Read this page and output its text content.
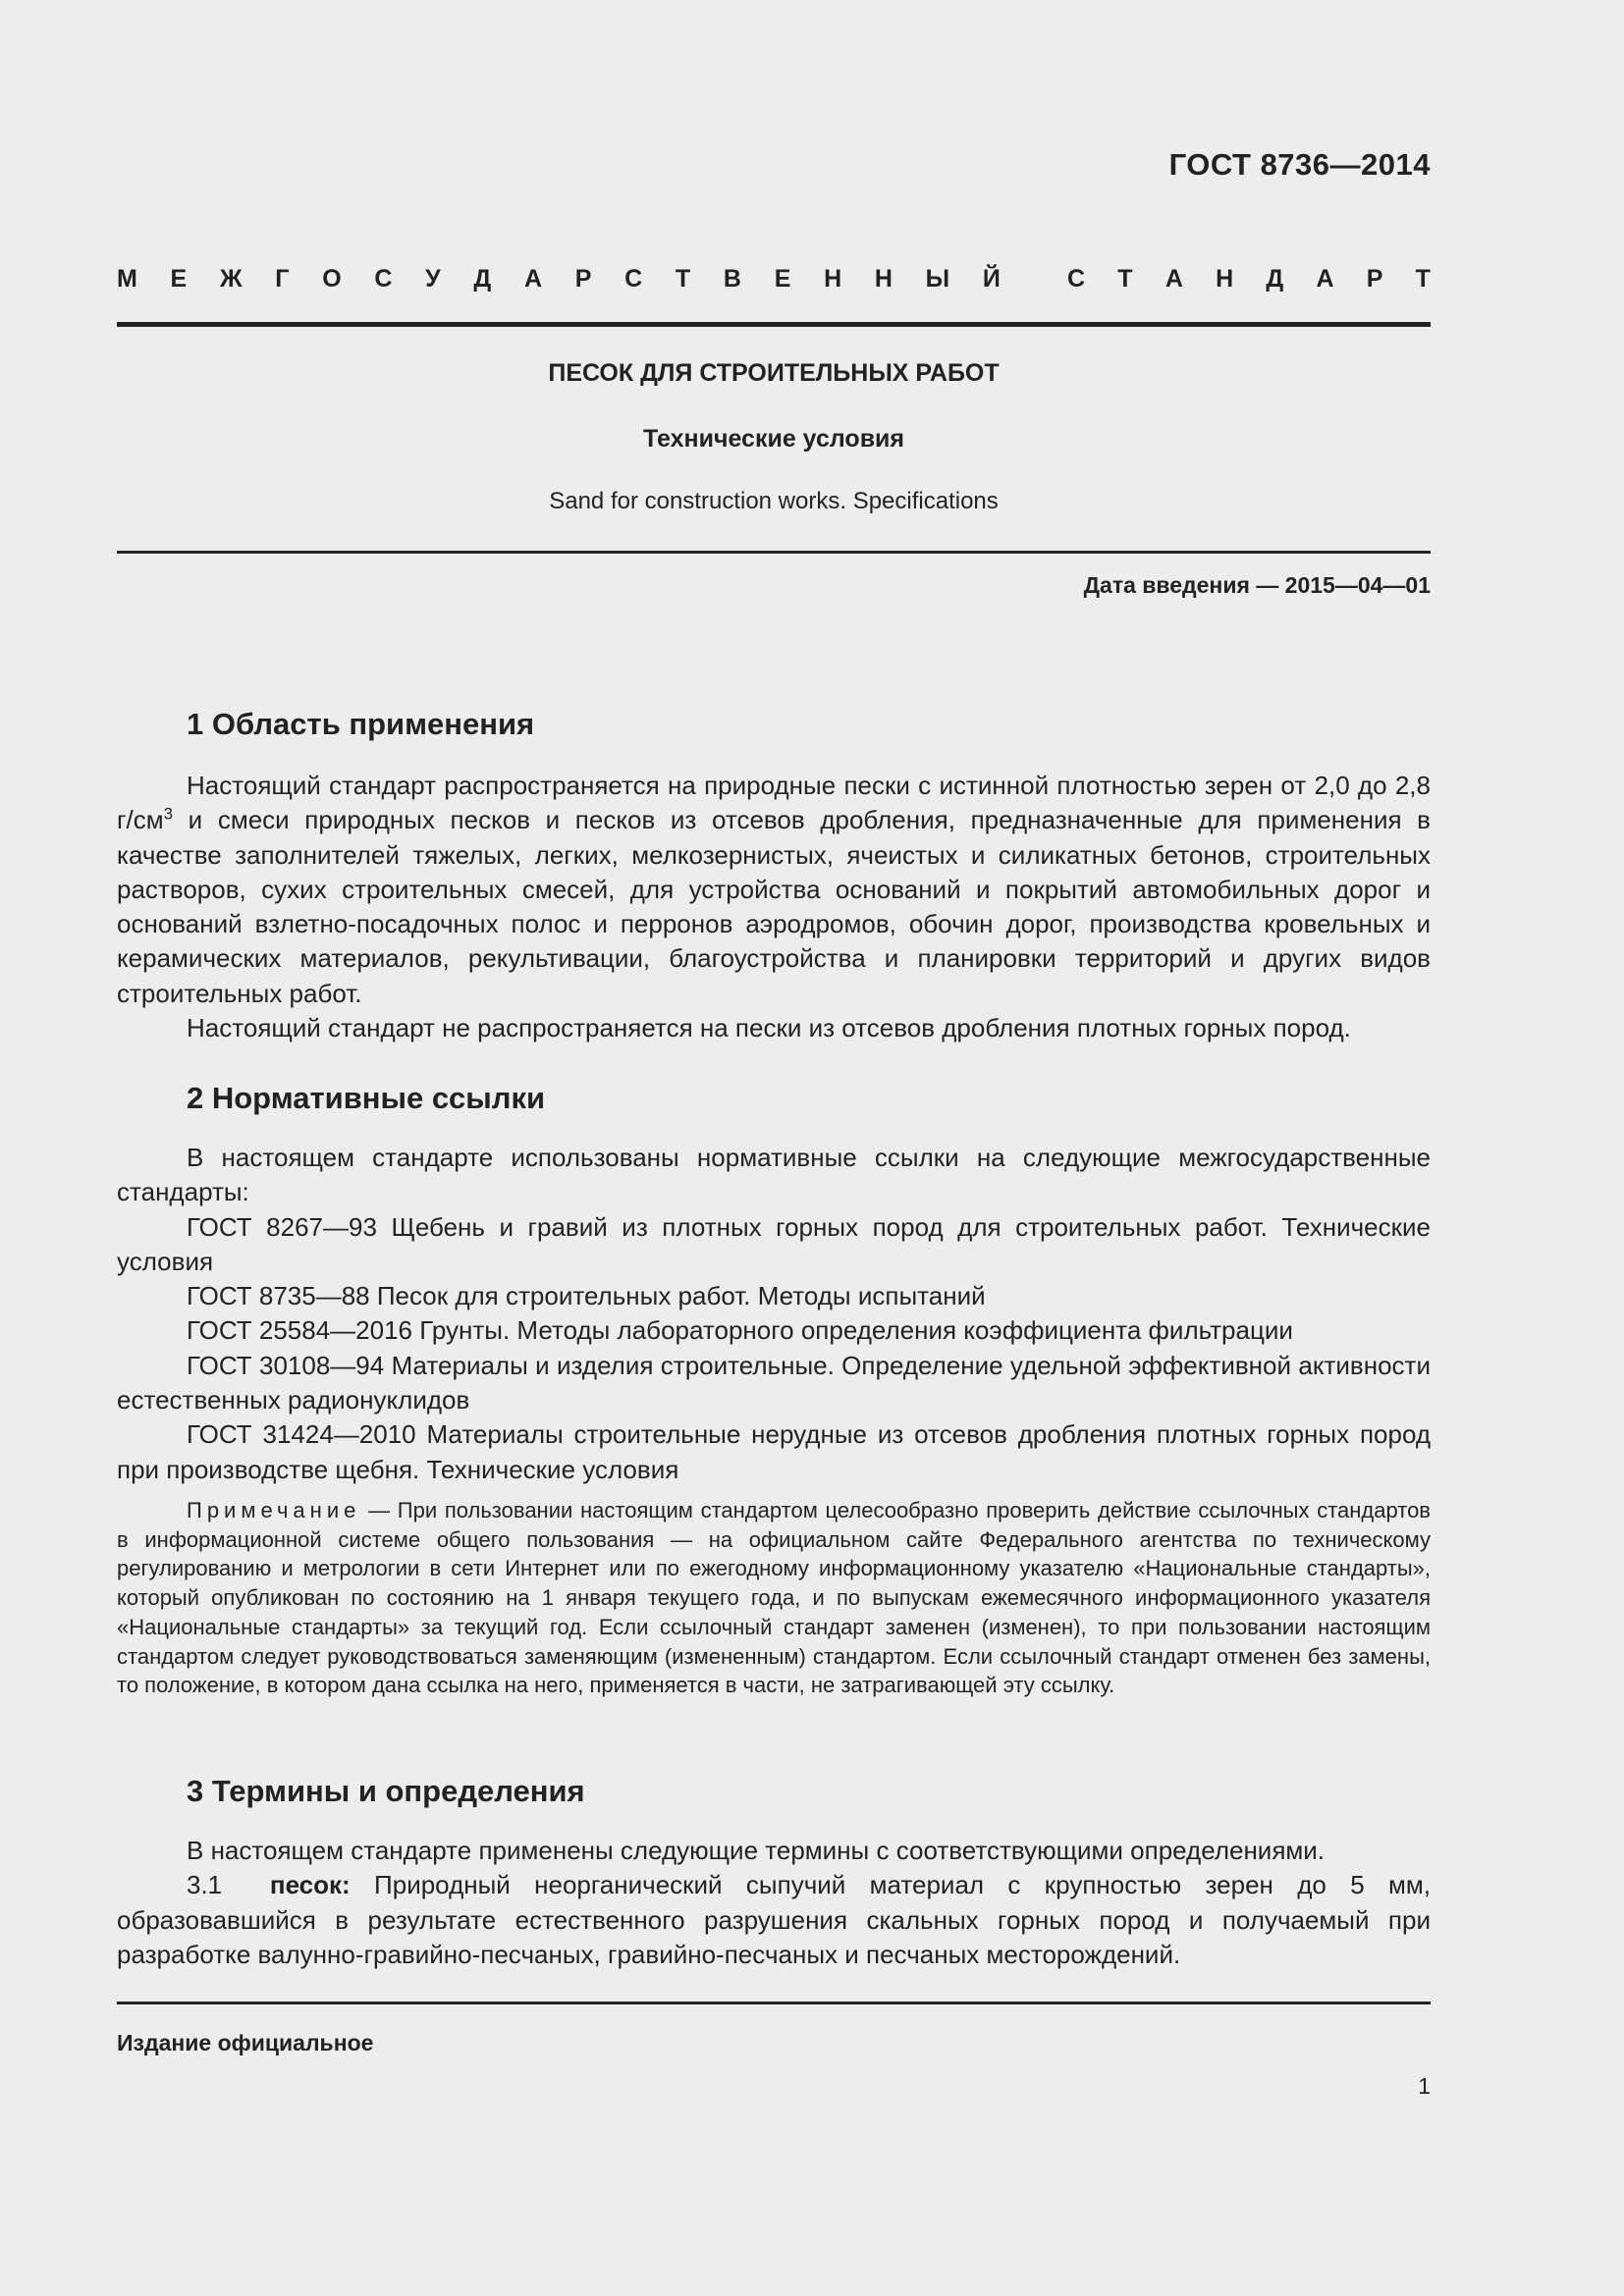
ГОСТ 8736—2014
М Е Ж Г О С У Д А Р С Т В Е Н Н Ы Й	С Т А Н Д А Р Т
ПЕСОК ДЛЯ СТРОИТЕЛЬНЫХ РАБОТ
Технические условия
Sand for construction works. Specifications
Дата введения — 2015—04—01
1 Область применения

Настоящий стандарт распространяется на природные пески с истинной плотностью зерен от 2,0 до 2,8 $г/см^3$ и смеси природных песков и песков из отсевов дробления, предназначенные для применения в качестве заполнителей тяжелых, легких, мелкозернистых, ячеистых и силикатных бетонов, строительных растворов, сухих строительных смесей, для устройства оснований и покрытий автомобильных дорог и оснований взлетно-посадочных полос и перронов аэродромов, обочин дорог, производства кровельных и керамических материалов, рекультивации, благоустройства и планировки территорий и других видов строительных работ.

Настоящий стандарт не распространяется на пески из отсевов дробления плотных горных пород.

2 Нормативные ссылки

В настоящем стандарте использованы нормативные ссылки на следующие межгосударственные стандарты:

ГОСТ 8267—93 Щебень и гравий из плотных горных пород для строительных работ. Технические условия

ГОСТ 8735—88 Песок для строительных работ. Методы испытаний

ГОСТ 25584—2016 Грунты. Методы лабораторного определения коэффициента фильтрации

ГОСТ 30108—94 Материалы и изделия строительные. Определение удельной эффективной активности естественных радионуклидов

ГОСТ 31424—2010 Материалы строительные нерудные из отсевов дробления плотных горных пород при производстве щебня. Технические условия

Примечание — При пользовании настоящим стандартом целесообразно проверить действие ссылочных стандартов в информационной системе общего пользования — на официальном сайте Федерального агентства по техническому регулированию и метрологии в сети Интернет или по ежегодному информационному указателю «Национальные стандарты», который опубликован по состоянию на 1 января текущего года, и по выпускам ежемесячного информационного указателя «Национальные стандарты» за текущий год. Если ссылочный стандарт заменен (изменен), то при пользовании настоящим стандартом следует руководствоваться заменяющим (измененным) стандартом. Если ссылочный стандарт отменен без замены, то положение, в котором дана ссылка на него, применяется в части, не затрагивающей эту ссылку.

3 Термины и определения

В настоящем стандарте применены следующие термины с соответствующими определениями.

3.1 песок: Природный неорганический сыпучий материал с крупностью зерен до 5 мм, образовавшийся в результате естественного разрушения скальных горных пород и получаемый при разработке валунно-гравийно-песчаных, гравийно-песчаных и песчаных месторождений.

Издание официальное
1
